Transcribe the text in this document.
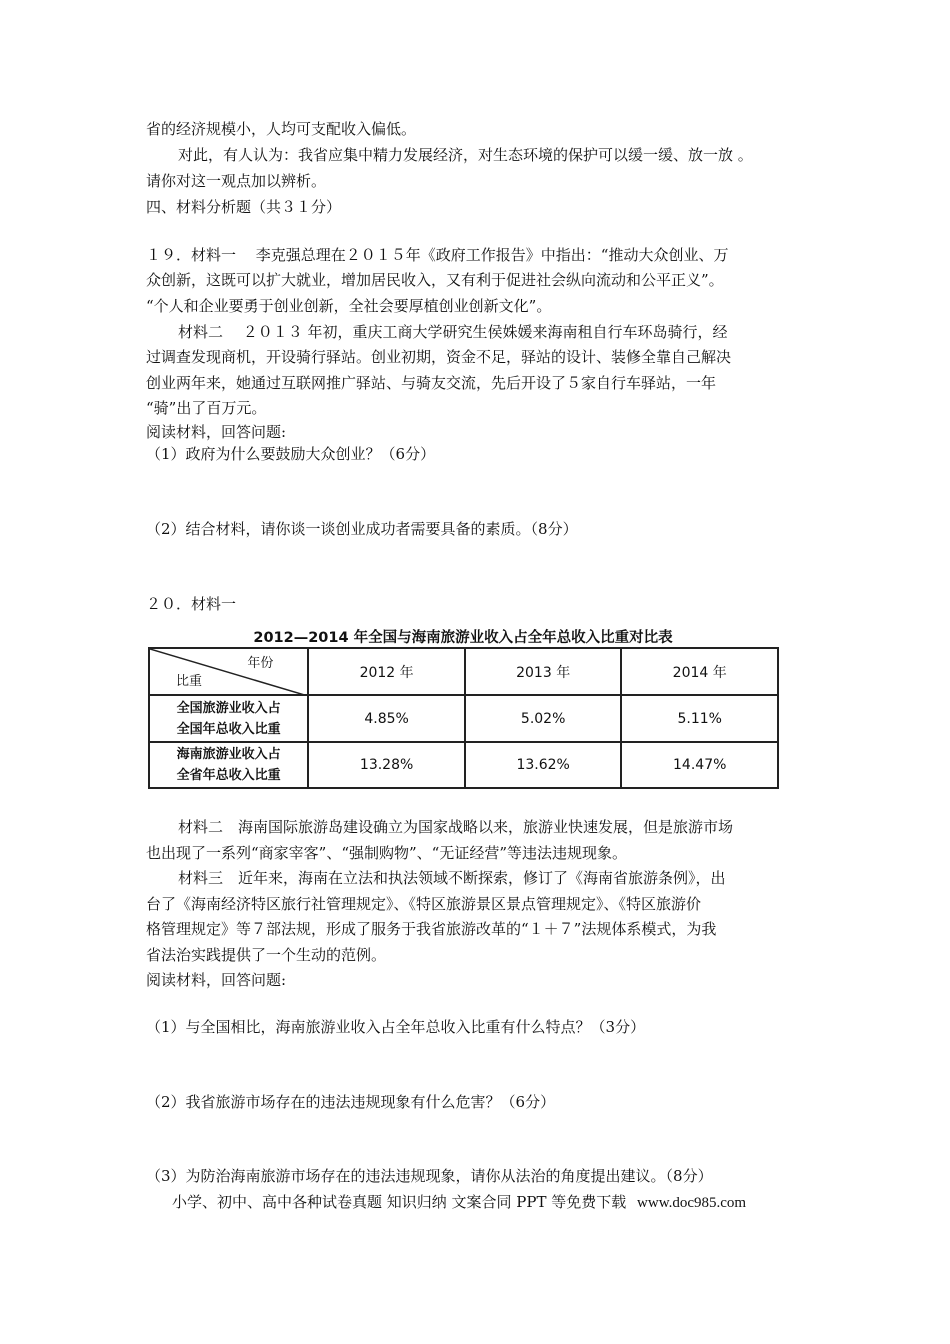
省的经济规模小，人均可支配收入偏低。
对此，有人认为：我省应集中精力发展经济，对生态环境的保护可以缓一缓、放一放 。
请你对这一观点加以辨析。
四、材料分析题（共３１分）
１９．材料一　 李克强总理在２０１５年《政府工作报告》中指出：“推动大众创业、万
众创新，这既可以扩大就业，增加居民收入，又有利于促进社会纵向流动和公平正义”。
“个人和企业要勇于创业创新，全社会要厚植创业创新文化”。
材料二　 ２０１３ 年初，重庆工商大学研究生侯姝媛来海南租自行车环岛骑行，经
过调查发现商机，开设骑行驿站。创业初期，资金不足，驿站的设计、装修全靠自己解决
创业两年来，她通过互联网推广驿站、与骑友交流，先后开设了５家自行车驿站，一年
“骑”出了百万元。
阅读材料，回答问题:
（1）政府为什么要鼓励大众创业？（6分）
（2）结合材料，请你谈一谈创业成功者需要具备的素质。（8分）
２０．材料一
2012—2014 年全国与海南旅游业收入占全年总收入比重对比表
年份
比重	2012 年	2013 年	2014 年

全国旅游业收入占
全国年总收入比重	4.85%	5.02%	5.11%

海南旅游业收入占
全省年总收入比重	13.28%	13.62%	14.47%
材料二　海南国际旅游岛建设确立为国家战略以来，旅游业快速发展，但是旅游市场
也出现了一系列“商家宰客”、“强制购物”、“无证经营”等违法违规现象。
材料三　近年来，海南在立法和执法领域不断探索，修订了《海南省旅游条例》，出
台了《海南经济特区旅行社管理规定》、《特区旅游景区景点管理规定》、《特区旅游价
格管理规定》等７部法规，形成了服务于我省旅游改革的“１＋７”法规体系模式，为我
省法治实践提供了一个生动的范例。
阅读材料，回答问题:
（1）与全国相比，海南旅游业收入占全年总收入比重有什么特点？（3分）
（2）我省旅游市场存在的违法违规现象有什么危害？（6分）
（3）为防治海南旅游市场存在的违法违规现象，请你从法治的角度提出建议。（8分）
小学、初中、高中各种试卷真题 知识归纳 文案合同 PPT 等免费下载 www.doc985.com
